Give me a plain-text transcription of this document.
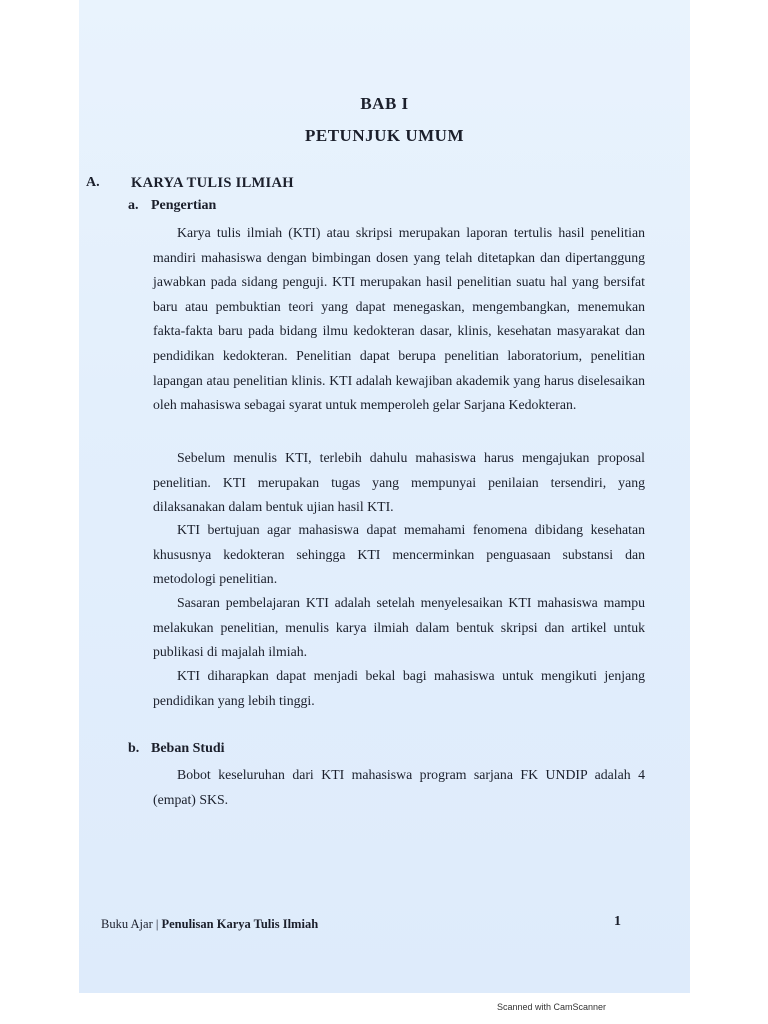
BAB I
PETUNJUK UMUM
A. KARYA TULIS ILMIAH
a. Pengertian

Karya tulis ilmiah (KTI) atau skripsi merupakan laporan tertulis hasil penelitian mandiri mahasiswa dengan bimbingan dosen yang telah ditetapkan dan dipertanggung jawabkan pada sidang penguji. KTI merupakan hasil penelitian suatu hal yang bersifat baru atau pembuktian teori yang dapat menegaskan, mengembangkan, menemukan fakta-fakta baru pada bidang ilmu kedokteran dasar, klinis, kesehatan masyarakat dan pendidikan kedokteran. Penelitian dapat berupa penelitian laboratorium, penelitian lapangan atau penelitian klinis. KTI adalah kewajiban akademik yang harus diselesaikan oleh mahasiswa sebagai syarat untuk memperoleh gelar Sarjana Kedokteran.

Sebelum menulis KTI, terlebih dahulu mahasiswa harus mengajukan proposal penelitian. KTI merupakan tugas yang mempunyai penilaian tersendiri, yang dilaksanakan dalam bentuk ujian hasil KTI.

KTI bertujuan agar mahasiswa dapat memahami fenomena dibidang kesehatan khususnya kedokteran sehingga KTI mencerminkan penguasaan substansi dan metodologi penelitian.

Sasaran pembelajaran KTI adalah setelah menyelesaikan KTI mahasiswa mampu melakukan penelitian, menulis karya ilmiah dalam bentuk skripsi dan artikel untuk publikasi di majalah ilmiah.

KTI diharapkan dapat menjadi bekal bagi mahasiswa untuk mengikuti jenjang pendidikan yang lebih tinggi.

b. Beban Studi

Bobot keseluruhan dari KTI mahasiswa program sarjana FK UNDIP adalah 4 (empat) SKS.

Buku Ajar | Penulisan Karya Tulis Ilmiah	1
Scanned with CamScanner
